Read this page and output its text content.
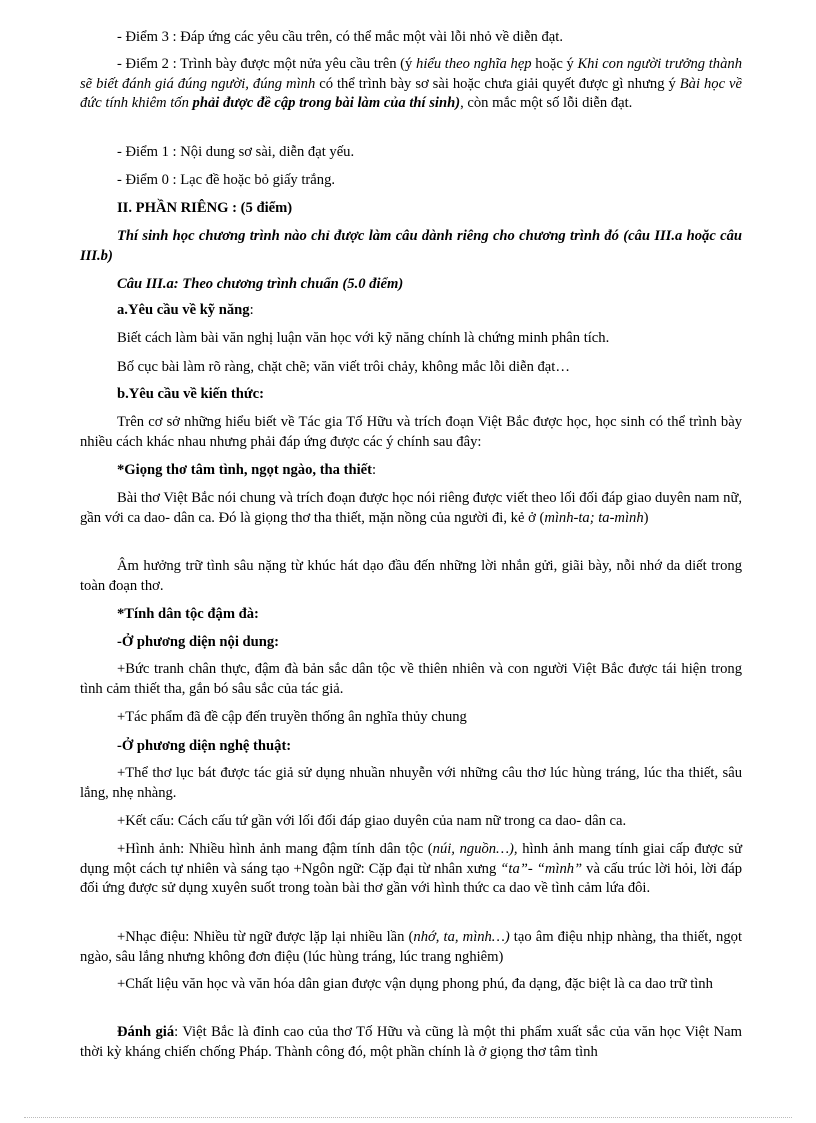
- Điểm 3 : Đáp ứng các yêu cầu trên, có thể mắc một vài lỗi nhỏ về diễn đạt.

- Điểm 2 : Trình bày được một nửa yêu cầu trên (ý hiểu theo nghĩa hẹp hoặc ý Khi con người trưởng thành sẽ biết đánh giá đúng người, đúng mình có thể trình bày sơ sài hoặc chưa giải quyết được gì nhưng ý Bài học về đức tính khiêm tốn phải được đề cập trong bài làm của thí sinh), còn mắc một số lỗi diễn đạt.

- Điểm 1 : Nội dung sơ sài, diễn đạt yếu.

- Điểm 0 : Lạc đề hoặc bỏ giấy trắng.

II. PHẦN RIÊNG : (5 điểm)

Thí sinh học chương trình nào chỉ được làm câu dành riêng cho chương trình đó (câu III.a hoặc câu III.b)

Câu III.a: Theo chương trình chuẩn (5.0 điểm)

a.Yêu cầu về kỹ năng:

Biết cách làm bài văn nghị luận văn học với kỹ năng chính là chứng minh phân tích.

Bố cục bài làm rõ ràng, chặt chẽ; văn viết trôi chảy, không mắc lỗi diễn đạt…

b.Yêu cầu về kiến thức:

Trên cơ sở những hiểu biết về Tác gia Tố Hữu và trích đoạn Việt Bắc được học, học sinh có thể trình bày nhiều cách khác nhau nhưng phải đáp ứng được các ý chính sau đây:

*Giọng thơ tâm tình, ngọt ngào, tha thiết:

Bài thơ Việt Bắc nói chung và trích đoạn được học nói riêng được viết theo lối đối đáp giao duyên nam nữ, gần với ca dao- dân ca. Đó là giọng thơ tha thiết, mặn nồng của người đi, kẻ ở (mình-ta; ta-mình)

Âm hưởng trữ tình sâu nặng từ khúc hát dạo đầu đến những lời nhắn gửi, giãi bày, nỗi nhớ da diết trong toàn đoạn thơ.

*Tính dân tộc đậm đà:

-Ở phương diện nội dung:

+Bức tranh chân thực, đậm đà bản sắc dân tộc về thiên nhiên và con người Việt Bắc được tái hiện trong tình cảm thiết tha, gắn bó sâu sắc của tác giả.

+Tác phẩm đã đề cập đến truyền thống ân nghĩa thủy chung

-Ở phương diện nghệ thuật:

+Thể thơ lục bát được tác giả sử dụng nhuần nhuyễn với những câu thơ lúc hùng tráng, lúc tha thiết, sâu lắng, nhẹ nhàng.

+Kết cấu: Cách cấu tứ gần với lối đối đáp giao duyên của nam nữ trong ca dao- dân ca.

+Hình ảnh: Nhiều hình ảnh mang đậm tính dân tộc (núi, nguồn…), hình ảnh mang tính giai cấp được sử dụng một cách tự nhiên và sáng tạo +Ngôn ngữ: Cặp đại từ nhân xưng “ta”- “mình” và cấu trúc lời hỏi, lời đáp đối ứng được sử dụng xuyên suốt trong toàn bài thơ gần với hình thức ca dao về tình cảm lứa đôi.

+Nhạc điệu: Nhiều từ ngữ được lặp lại nhiều lần (nhớ, ta, mình…) tạo âm điệu nhịp nhàng, tha thiết, ngọt ngào, sâu lắng nhưng không đơn điệu (lúc hùng tráng, lúc trang nghiêm)

+Chất liệu văn học và văn hóa dân gian được vận dụng phong phú, đa dạng, đặc biệt là ca dao trữ tình

Đánh giá: Việt Bắc là đỉnh cao của thơ Tố Hữu và cũng là một thi phẩm xuất sắc của văn học Việt Nam thời kỳ kháng chiến chống Pháp. Thành công đó, một phần chính là ở giọng thơ tâm tình
